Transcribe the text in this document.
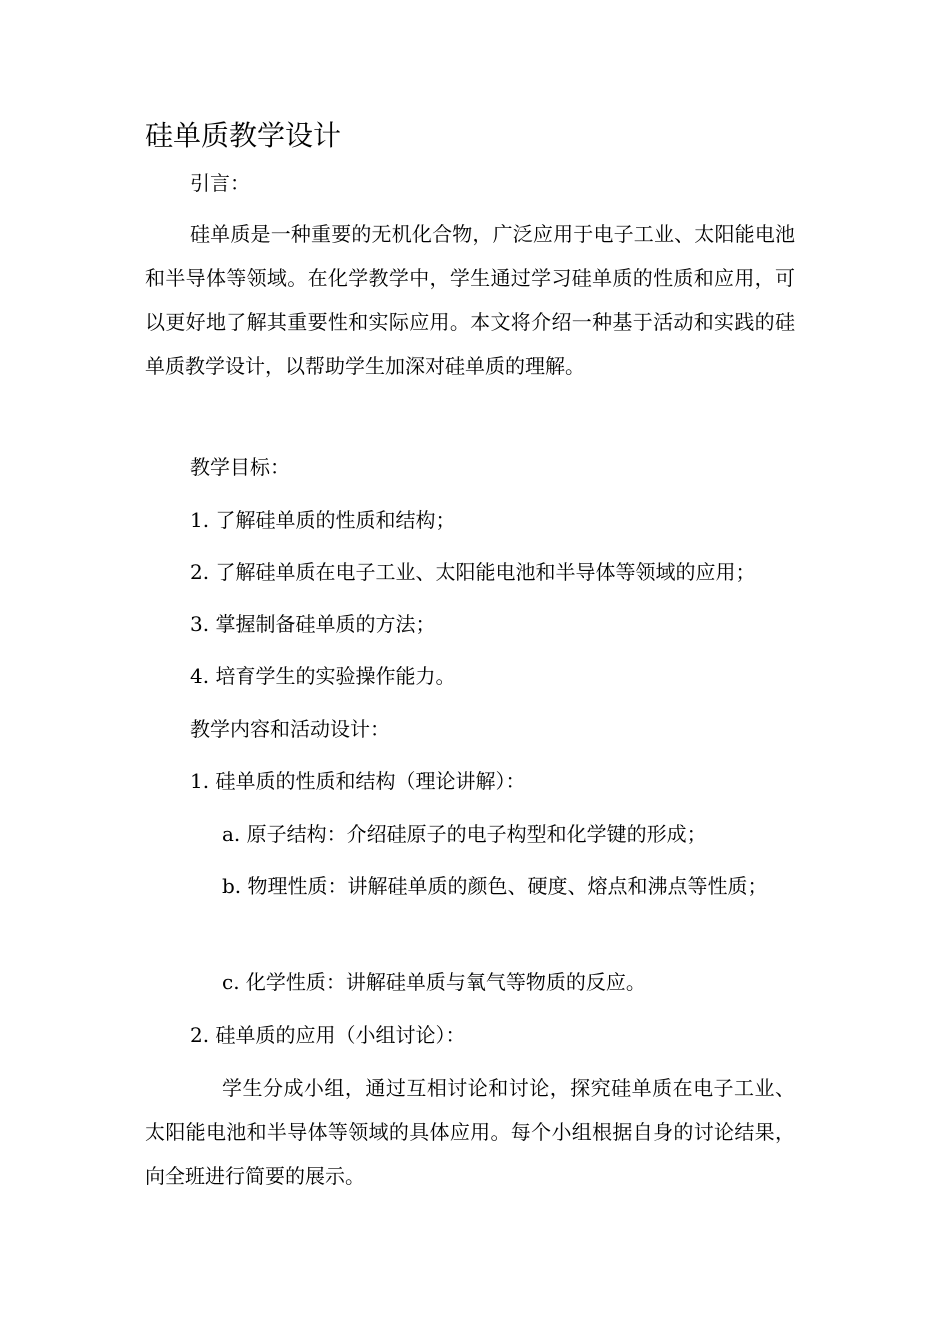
硅单质教学设计

引言：

硅单质是一种重要的无机化合物，广泛应用于电子工业、太阳能电池和半导体等领域。在化学教学中，学生通过学习硅单质的性质和应用，可以更好地了解其重要性和实际应用。本文将介绍一种基于活动和实践的硅单质教学设计，以帮助学生加深对硅单质的理解。

教学目标：

1. 了解硅单质的性质和结构；

2. 了解硅单质在电子工业、太阳能电池和半导体等领域的应用；

3. 掌握制备硅单质的方法；

4. 培育学生的实验操作能力。

教学内容和活动设计：

1. 硅单质的性质和结构（理论讲解）：

a. 原子结构：介绍硅原子的电子构型和化学键的形成；

b. 物理性质：讲解硅单质的颜色、硬度、熔点和沸点等性质；

c. 化学性质：讲解硅单质与氧气等物质的反应。

2. 硅单质的应用（小组讨论）：

学生分成小组，通过互相讨论和讨论，探究硅单质在电子工业、太阳能电池和半导体等领域的具体应用。每个小组根据自身的讨论结果，向全班进行简要的展示。
